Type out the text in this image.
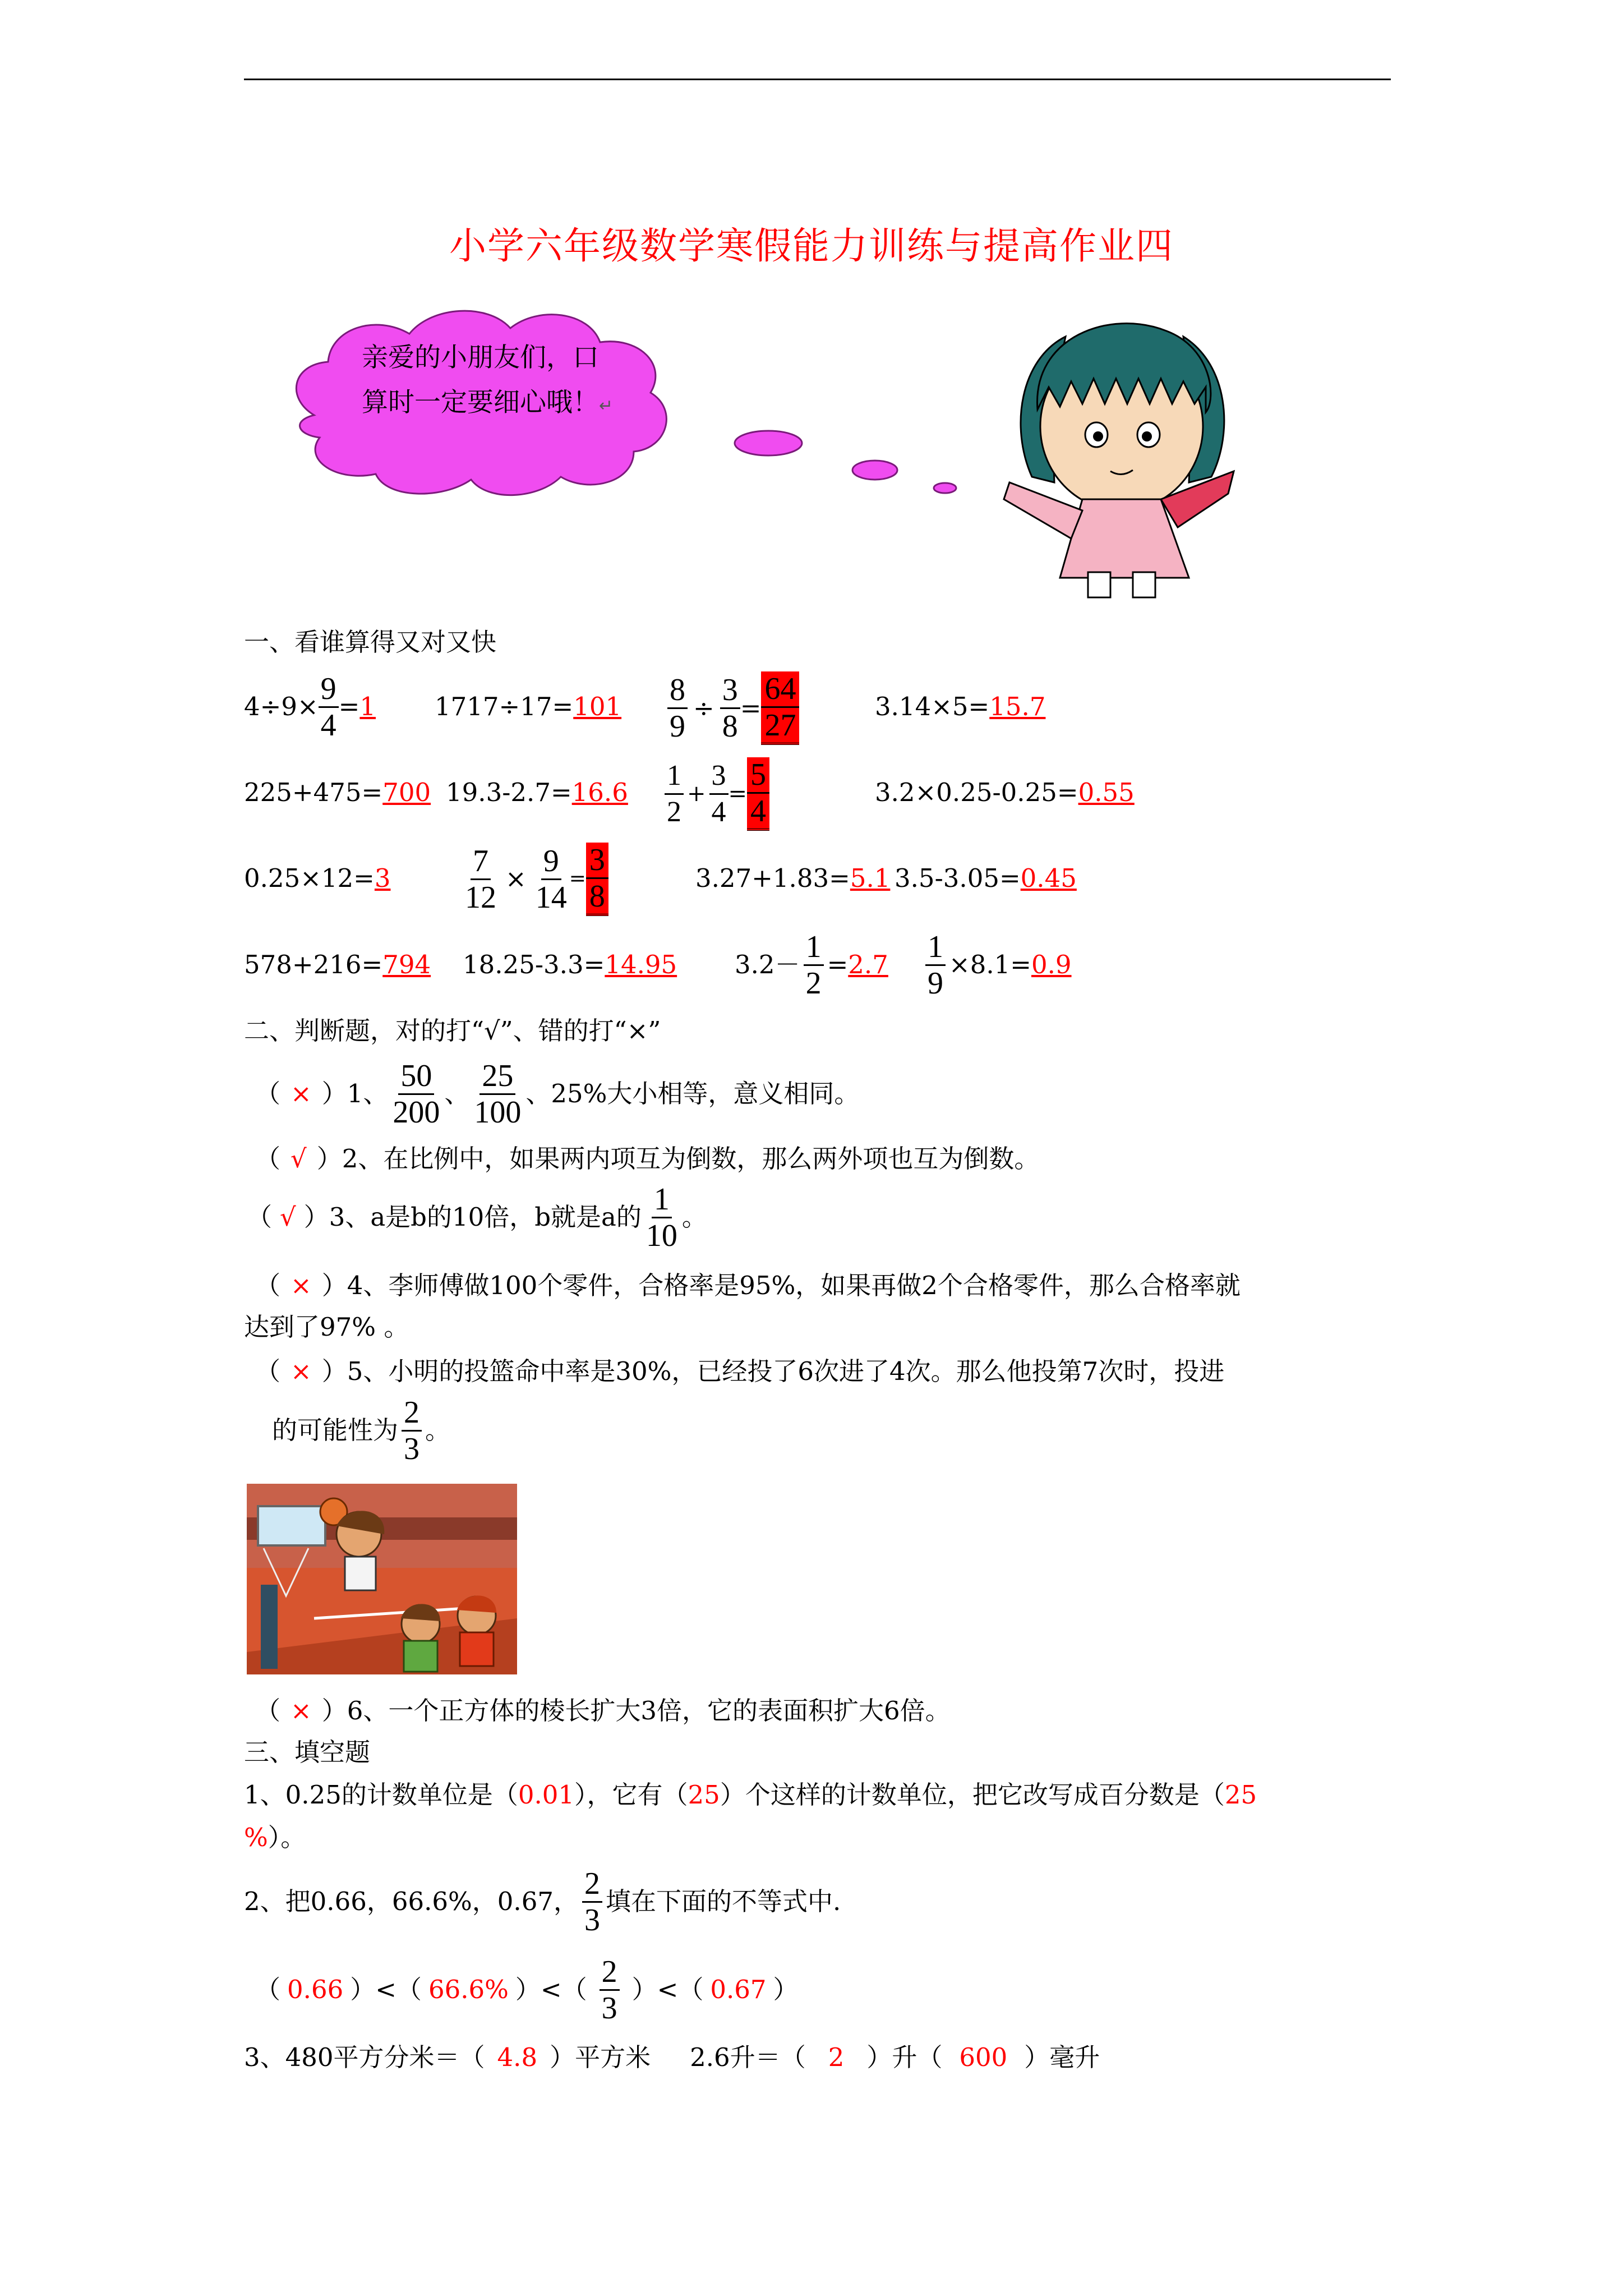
小学六年级数学寒假能力训练与提高作业四
亲爱的小朋友们，口
算时一定要细心哦！↵
一、看谁算得又对又快
$4\div 9\times \frac{9}{4} = 1$ $1717\div 17=101 \frac{8}{9} \div \frac{3}{8} = \frac{64}{27}$	3.14×5=15.7
225+475=700 $19.3-2.7=16.6 \frac{1}{2} + \frac{3}{4} = \frac{5}{4}$	3.2×0.25-0.25=0.55
$0.25\times 12=3 \frac{7}{12} \times \frac{9}{14} = \frac{3}{8}$	3.27+1.83=5.1 3.5-3.05=0.45
578+216=794 18.25-3.3=14.95 $3.2- \frac{1}{2} = 2.7 \frac{1}{9} \times 8.1= 0.9$
二、判断题，对的打“√”、错的打“×”
（ × ）1、 $\frac{50}{200}$ 、 $\frac{25}{100}$ 、25%大小相等，意义相同。
（ √ ）2、在比例中，如果两内项互为倒数，那么两外项也互为倒数。
（ √ ）3、 a是b的10倍，b就是a的 $\frac{1}{10}$ 。
（ × ）4、李师傅做100个零件，合格率是95%，如果再做2个合格零件，那么合格率就
达到了97% 。
（ × ）5、小明的投篮命中率是30%，已经投了6次进了4次。那么他投第7次时，投进
的可能性为 $\frac{2}{3}$ 。
（ × ）6、一个正方体的棱长扩大3倍，它的表面积扩大6倍。
三、填空题
1、0.25的计数单位是（0.01），它有（25）个这样的计数单位，把它改写成百分数是（25
%）。
2、把0.66，66.6%，0.67， $\frac{2}{3}$ 填在下面的不等式中.
（ 0.66 ）<（ 66.6% ）<（ $\frac{2}{3}$ ）<（ 0.67 ）
3、480平方分米＝（ 4.8 ）平方米 2.6升＝（ 2 ）升（ 600 ）毫升
